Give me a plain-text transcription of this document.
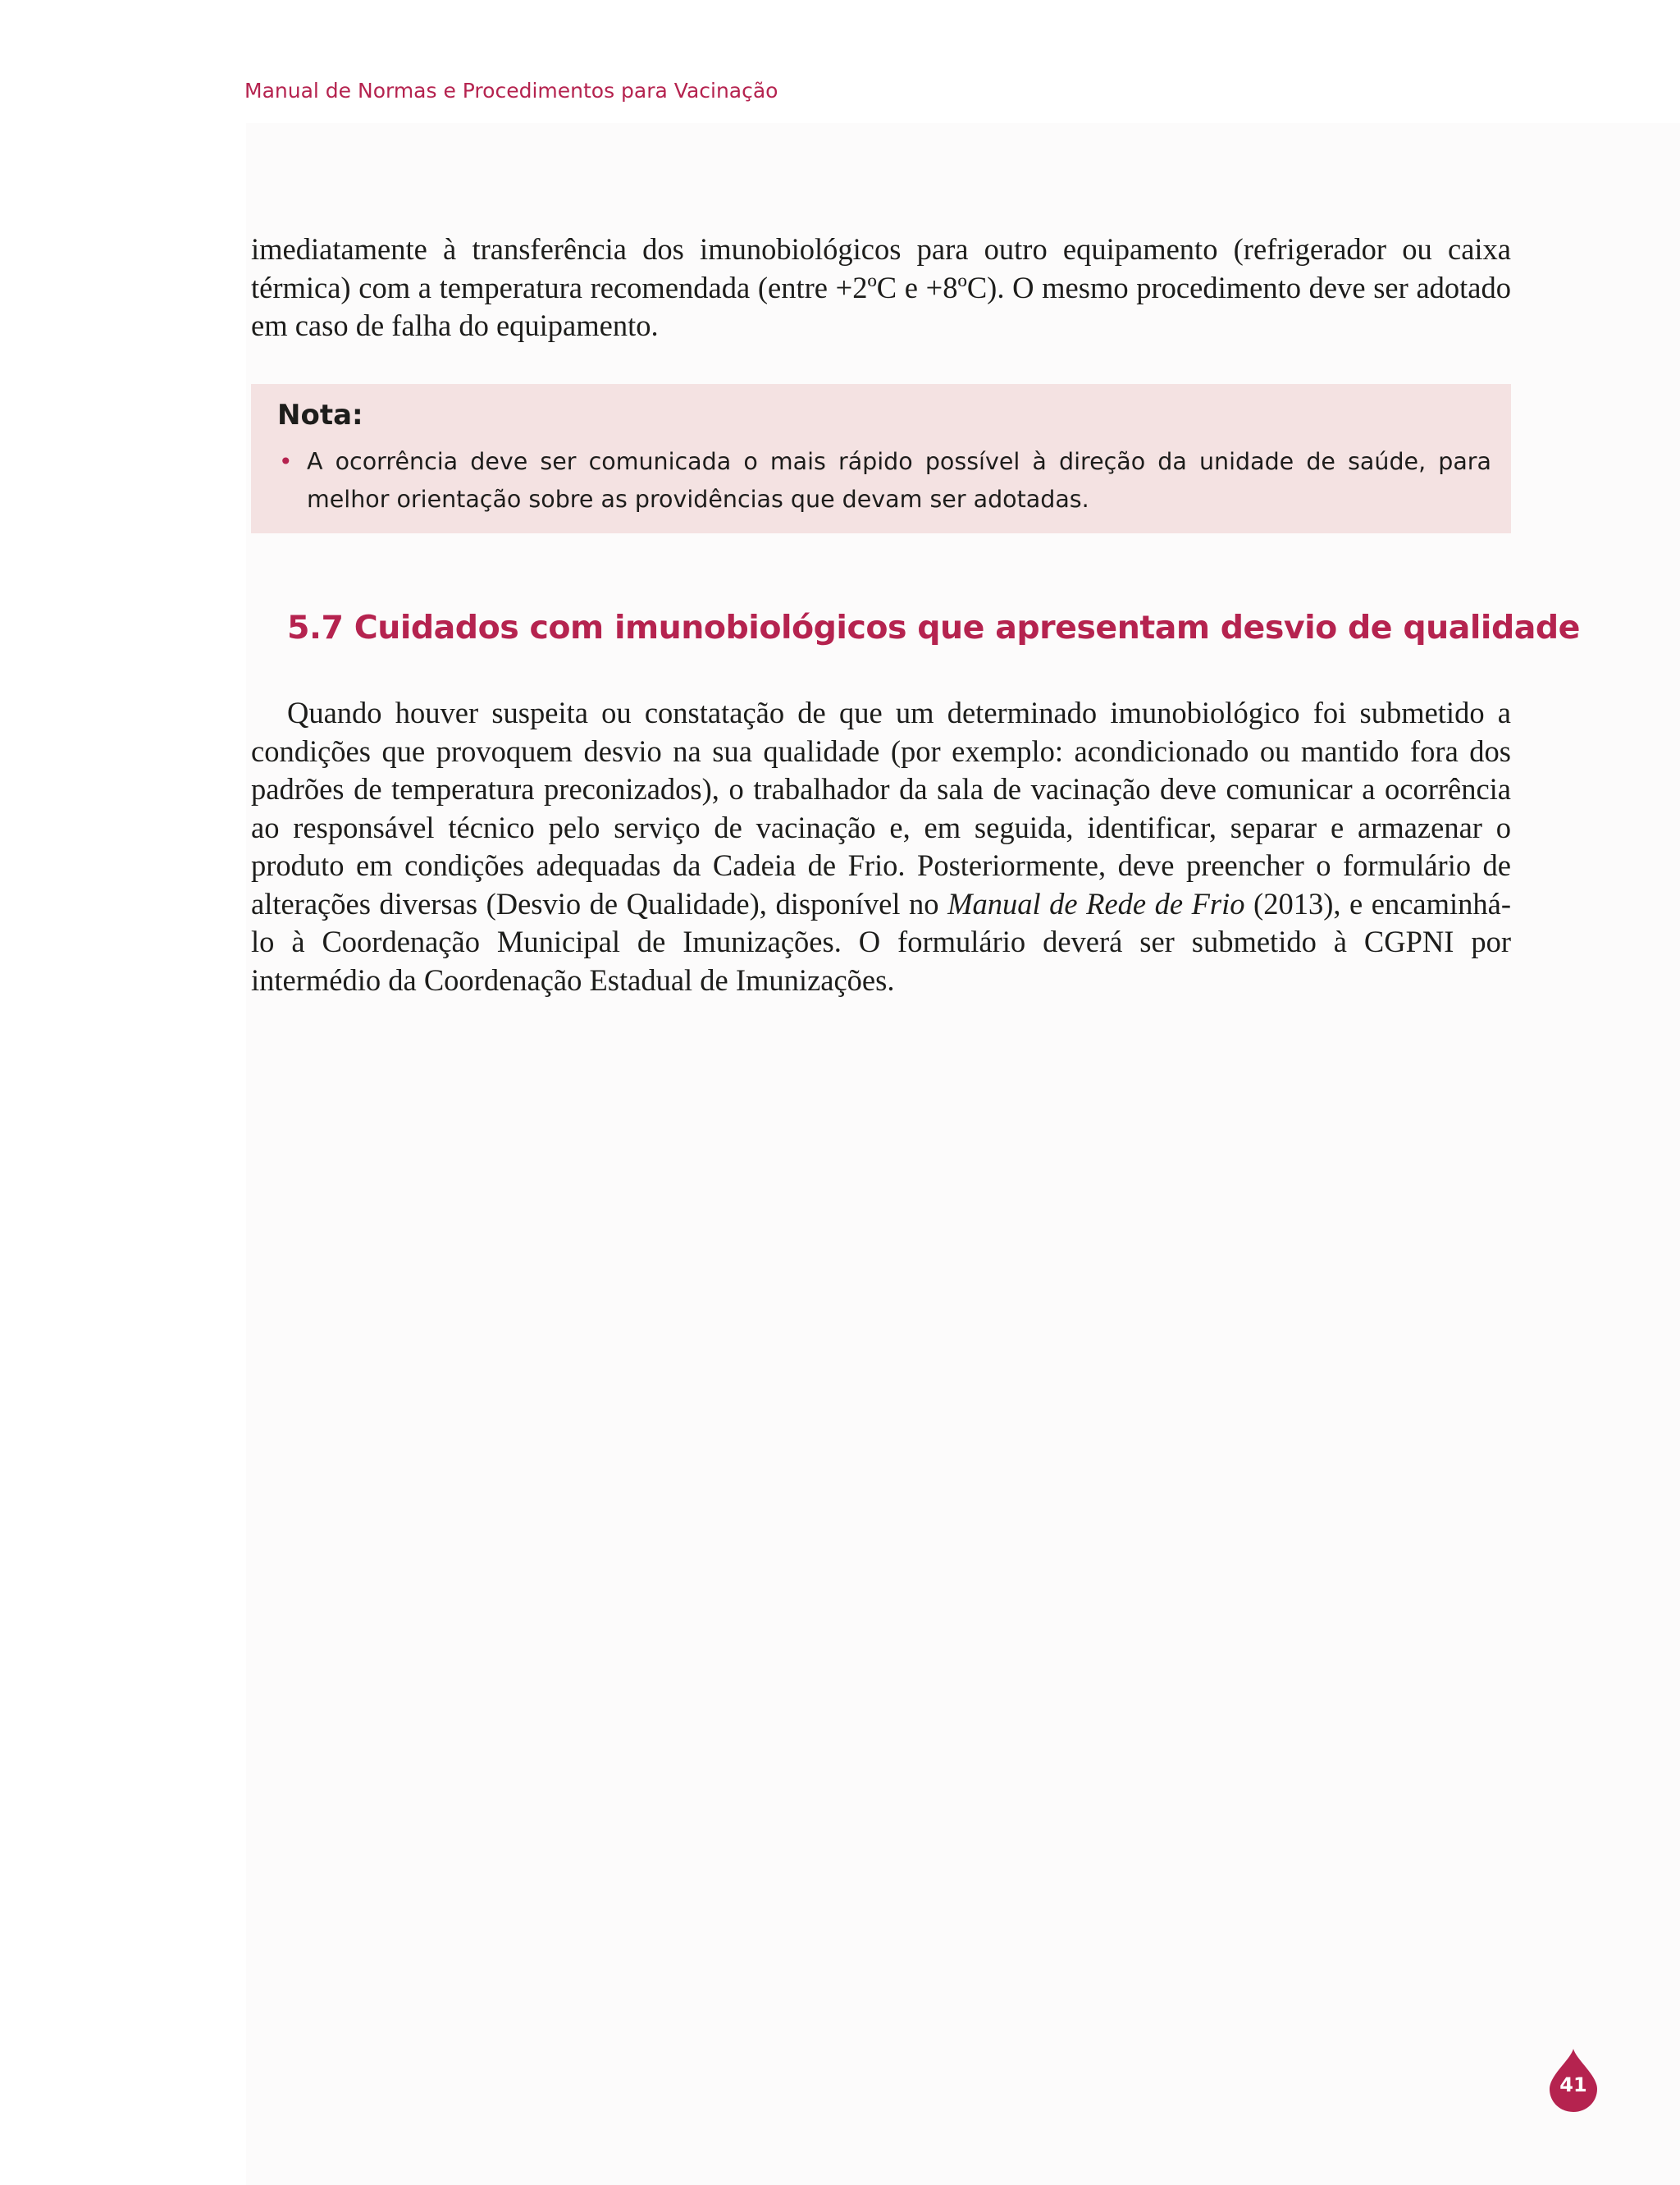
Manual de Normas e Procedimentos para Vacinação

imediatamente à transferência dos imunobiológicos para outro equipamento (refrigerador ou caixa térmica) com a temperatura recomendada (entre +2ºC e +8ºC). O mesmo procedimento deve ser adotado em caso de falha do equipamento.

Nota:

• A ocorrência deve ser comunicada o mais rápido possível à direção da unidade de saúde, para melhor orientação sobre as providências que devam ser adotadas.
5.7 Cuidados com imunobiológicos que apresentam desvio de qualidade

Quando houver suspeita ou constatação de que um determinado imunobiológico foi submetido a condições que provoquem desvio na sua qualidade (por exemplo: acondicionado ou mantido fora dos padrões de temperatura preconizados), o trabalhador da sala de vacinação deve comunicar a ocorrência ao responsável técnico pelo serviço de vacinação e, em seguida, identificar, separar e armazenar o produto em condições adequadas da Cadeia de Frio. Posteriormente, deve preencher o formulário de alterações diversas (Desvio de Qualidade), disponível no Manual de Rede de Frio (2013), e encaminhá-lo à Coordenação Municipal de Imunizações. O formulário deverá ser submetido à CGPNI por intermédio da Coordenação Estadual de Imunizações.

41
